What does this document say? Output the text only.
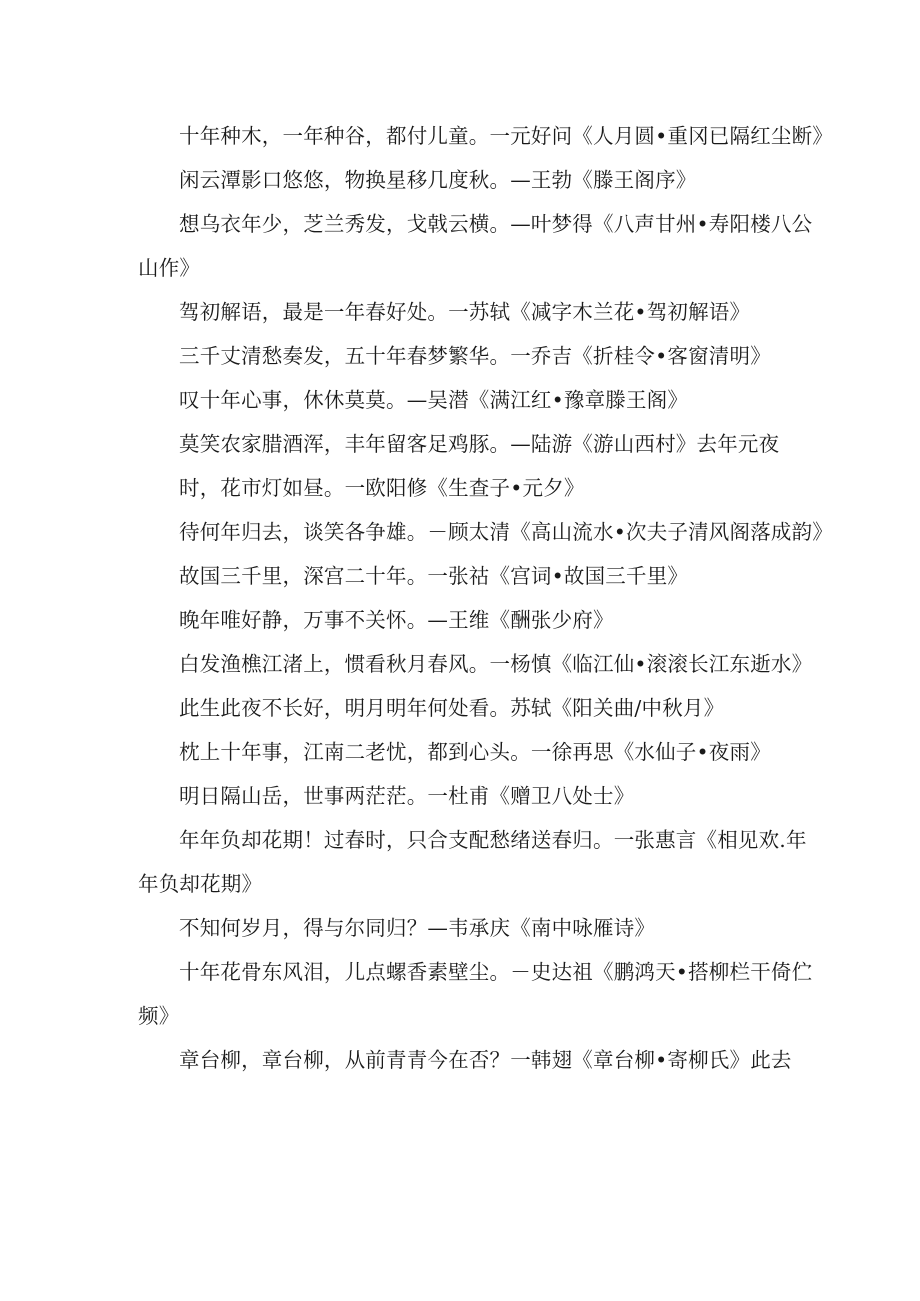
十年种木，一年种谷，都付儿童。一元好问《人月圆•重冈已隔红尘断》
闲云潭影口悠悠，物换星移几度秋。—王勃《滕王阁序》
想乌衣年少，芝兰秀发，戈戟云横。—叶梦得《八声甘州•寿阳楼八公
山作》
驾初解语，最是一年春好处。一苏轼《减字木兰花•驾初解语》
三千丈清愁奏发，五十年春梦繁华。一乔吉《折桂令•客窗清明》
叹十年心事，休休莫莫。—吴潜《满江红•豫章滕王阁》
莫笑农家腊酒浑，丰年留客足鸡豚。—陆游《游山西村》去年元夜
时，花市灯如昼。一欧阳修《生查子•元夕》
待何年归去，谈笑各争雄。－顾太清《高山流水•次夫子清风阁落成韵》
故国三千里，深宫二十年。一张祜《宫词•故国三千里》
晚年唯好静，万事不关怀。—王维《酬张少府》
白发渔樵江渚上，惯看秋月春风。一杨慎《临江仙•滚滚长江东逝水》
此生此夜不长好，明月明年何处看。苏轼《阳关曲/中秋月》
枕上十年事，江南二老忧，都到心头。一徐再思《水仙子•夜雨》
明日隔山岳，世事两茫茫。一杜甫《赠卫八处士》
年年负却花期！过春时，只合支配愁绪送春归。一张惠言《相见欢.年
年负却花期》
不知何岁月，得与尔同归？—韦承庆《南中咏雁诗》
十年花骨东风泪，儿点螺香素壁尘。－史达祖《鹏鸿天•搭柳栏干倚伫
频》
章台柳，章台柳，从前青青今在否？一韩翅《章台柳•寄柳氏》此去
